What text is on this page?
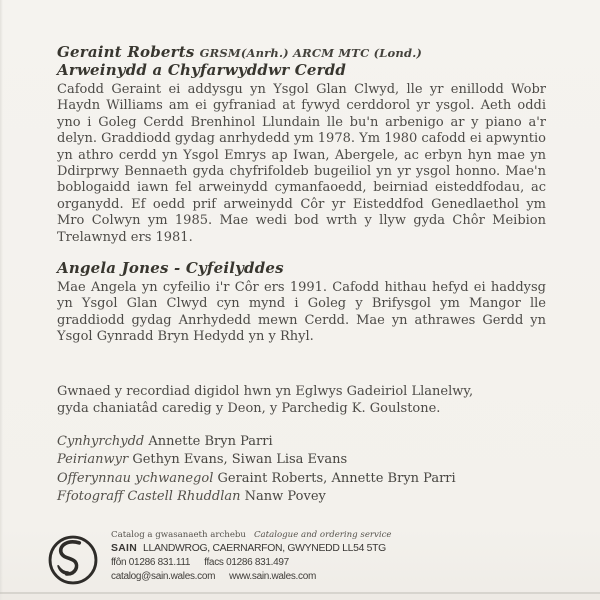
Geraint Roberts GRSM(Anrh.) ARCM MTC (Lond.)
Arweinydd a Chyfarwyddwr Cerdd

Cafodd Geraint ei addysgu yn Ysgol Glan Clwyd, lle yr enillodd Wobr Haydn Williams am ei gyfraniad at fywyd cerddorol yr ysgol. Aeth oddi yno i Goleg Cerdd Brenhinol Llundain lle bu'n arbenigo ar y piano a'r delyn. Graddiodd gydag anrhydedd ym 1978. Ym 1980 cafodd ei apwyntio yn athro cerdd yn Ysgol Emrys ap Iwan, Abergele, ac erbyn hyn mae yn Ddirprwy Bennaeth gyda chyfrifoldeb bugeiliol yn yr ysgol honno. Mae'n boblogaidd iawn fel arweinydd cymanfaoedd, beirniad eisteddfodau, ac organydd. Ef oedd prif arweinydd Côr yr Eisteddfod Genedlaethol ym Mro Colwyn ym 1985. Mae wedi bod wrth y llyw gyda Chôr Meibion Trelawnyd ers 1981.

Angela Jones - Cyfeilyddes

Mae Angela yn cyfeilio i'r Côr ers 1991. Cafodd hithau hefyd ei haddysg yn Ysgol Glan Clwyd cyn mynd i Goleg y Brifysgol ym Mangor lle graddiodd gydag Anrhydedd mewn Cerdd. Mae yn athrawes Gerdd yn Ysgol Gynradd Bryn Hedydd yn y Rhyl.

Gwnaed y recordiad digidol hwn yn Eglwys Gadeiriol Llanelwy,
gyda chaniatâd caredig y Deon, y Parchedig K. Goulstone.
Cynhyrchydd Annette Bryn Parri
Peirianwyr Gethyn Evans, Siwan Lisa Evans
Offerynnau ychwanegol Geraint Roberts, Annette Bryn Parri
Ffotograff Castell Rhuddlan Nanw Povey
Catalog a gwasanaeth archebu Catalogue and ordering service
SAIN LLANDWROG, CAERNARFON, GWYNEDD LL54 5TG
ffôn 01286 831.111 ffacs 01286 831.497
catalog@sain.wales.com www.sain.wales.com
